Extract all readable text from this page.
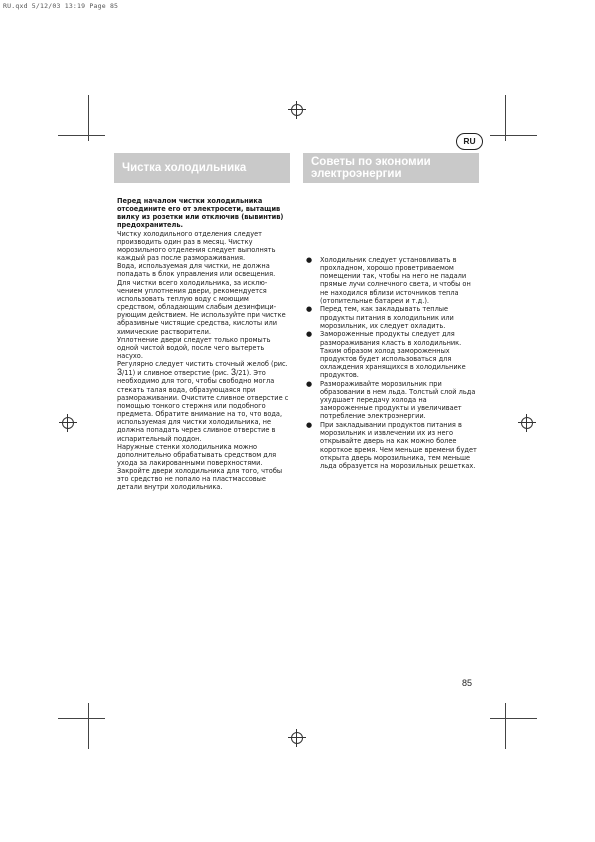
RU.qxd 5/12/03 13:19 Page 85
RU
Чистка холодильника
Советы по экономии электроэнергии

Перед началом чистки холодильника отсоедините его от электросети, вытащив вилку из розетки или отключив (вывинтив) предохранитель.

Чистку холодильного отделения следует производить один раз в месяц. Чистку морозильного отделения следует выполнять каждый раз после размораживания.

Вода, используемая для чистки, не должна попадать в блок управления или освещения. Для чистки всего холодильника, за исклю-чением уплотнения двери, рекомендуется использовать теплую воду с моющим средством, обладающим слабым дезинфици-рующим действием. Не используйте при чистке абразивные чистящие средства, кислоты или химические растворители.

Уплотнение двери следует только промыть одной чистой водой, после чего вытереть насухо.

Регулярно следует чистить сточный желоб (рис. 3/11) и сливное отверстие (рис. 3/21). Это необходимо для того, чтобы свободно могла стекать талая вода, образующаяся при размораживании. Очистите сливное отверстие с помощью тонкого стержня или подобного предмета. Обратите внимание на то, что вода, используемая для чистки холодильника, не должна попадать через сливное отверстие в испарительный поддон.

Наружные стенки холодильника можно дополнительно обрабатывать средством для ухода за лакированными поверхностями.

Закройте двери холодильника для того, чтобы это средство не попало на пластмассовые детали внутри холодильника.

● Холодильник следует установливать в прохладном, хорошо проветриваемом помещении так, чтобы на него не падали прямые лучи солнечного света, и чтобы он не находился вблизи источников тепла (отопительные батареи и т.д.).
● Перед тем, как закладывать теплые продукты питания в холодильник или морозильник, их следует охладить.
● Замороженные продукты следует для размораживания класть в холодильник. Таким образом холод замороженных продуктов будет использоваться для охлаждения хранящихся в холодильнике продуктов.
● Размораживайте морозильник при образовании в нем льда. Толстый слой льда ухудшает передачу холода на замороженные продукты и увеличивает потребление электроэнергии.
● При закладывании продуктов питания в морозильник и извлечении их из него открывайте дверь на как можно более короткое время. Чем меньше времени будет открыта дверь морозильника, тем меньше льда образуется на морозильных решетках.
85
